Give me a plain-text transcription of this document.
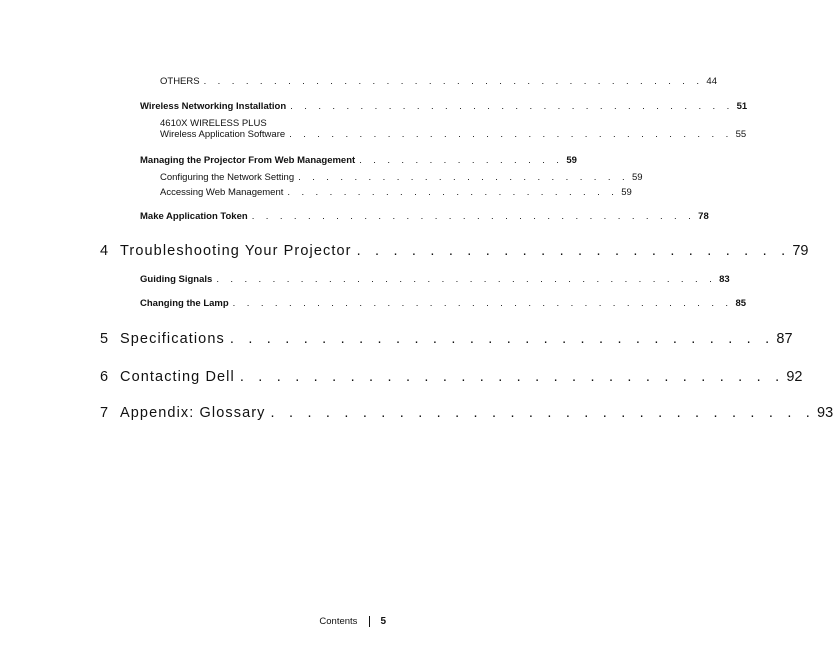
OTHERS . . . . . . . . . . . . . . . . . . . . . . . . . . . . . . . . . . . . 44
Wireless Networking Installation . . . . . . . . . . . . . . . . . . . . . . . . . . . . . . . . 51
4610X WIRELESS PLUS
Wireless Application Software . . . . . . . . . . . . . . . . . . . . . . . . . . . . . . . . 55
Managing the Projector From Web Management . . . . . . . . . . . . . . . 59
Configuring the Network Setting . . . . . . . . . . . . . . . . . . . . . . . . 59
Accessing Web Management . . . . . . . . . . . . . . . . . . . . . . . . 59
Make Application Token . . . . . . . . . . . . . . . . . . . . . . . . . . . . . . . . 78
4 Troubleshooting Your Projector . . . . . . . . . . . . . . . . . . . . . . . . 79
Guiding Signals . . . . . . . . . . . . . . . . . . . . . . . . . . . . . . . . . . . . 83
Changing the Lamp . . . . . . . . . . . . . . . . . . . . . . . . . . . . . . . . . . . . 85
5 Specifications . . . . . . . . . . . . . . . . . . . . . . . . . . . . . . 87
6 Contacting Dell . . . . . . . . . . . . . . . . . . . . . . . . . . . . . . 92
7 Appendix: Glossary . . . . . . . . . . . . . . . . . . . . . . . . . . . . . . 93
Contents 5
